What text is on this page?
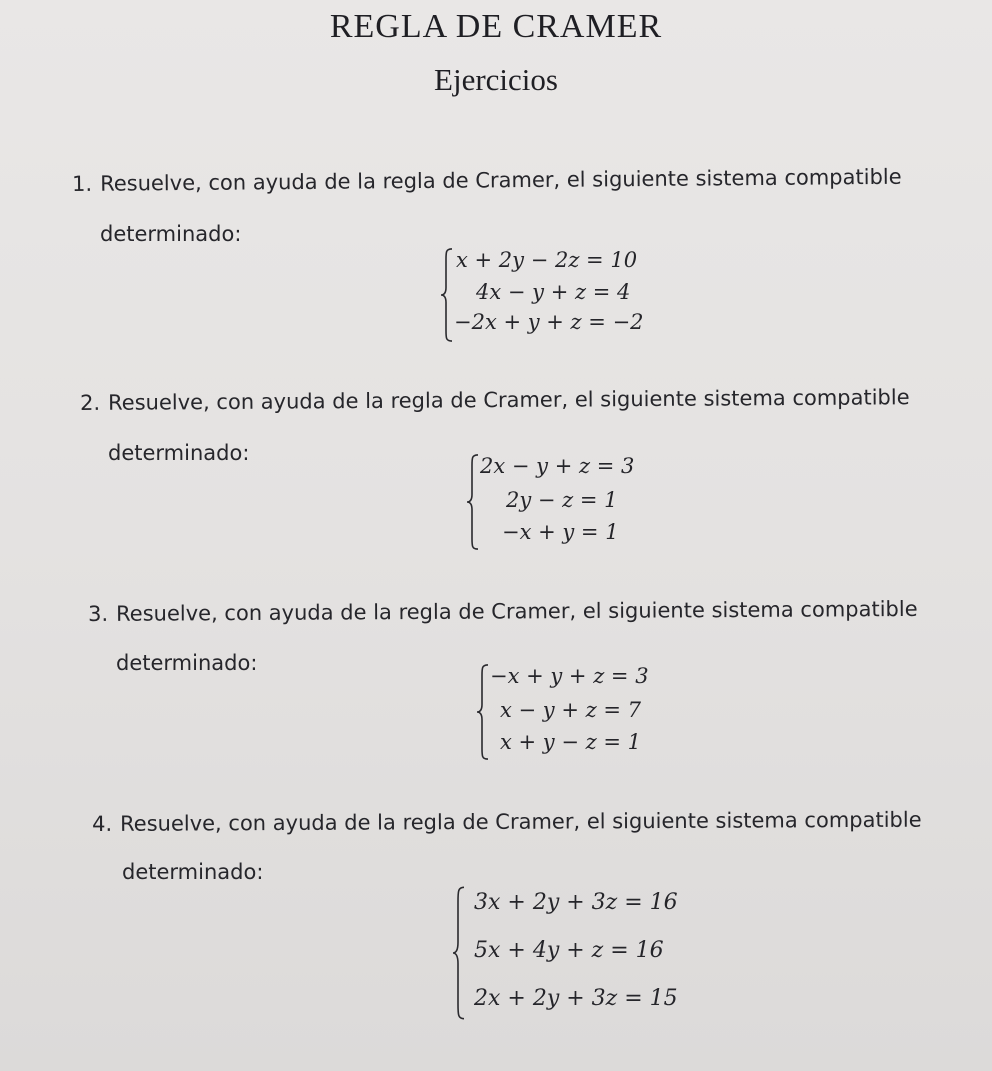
REGLA DE CRAMER
Ejercicios
1. Resuelve, con ayuda de la regla de Cramer, el siguiente sistema compatible
determinado:
x + 2y − 2z = 10
4x − y + z = 4
−2x + y + z = −2
2. Resuelve, con ayuda de la regla de Cramer, el siguiente sistema compatible
determinado:
2x − y + z = 3
2y − z = 1
−x + y = 1
3. Resuelve, con ayuda de la regla de Cramer, el siguiente sistema compatible
determinado:
−x + y + z = 3
x − y + z = 7
x + y − z = 1
4. Resuelve, con ayuda de la regla de Cramer, el siguiente sistema compatible
determinado:
3x + 2y + 3z = 16
5x + 4y + z = 16
2x + 2y + 3z = 15
